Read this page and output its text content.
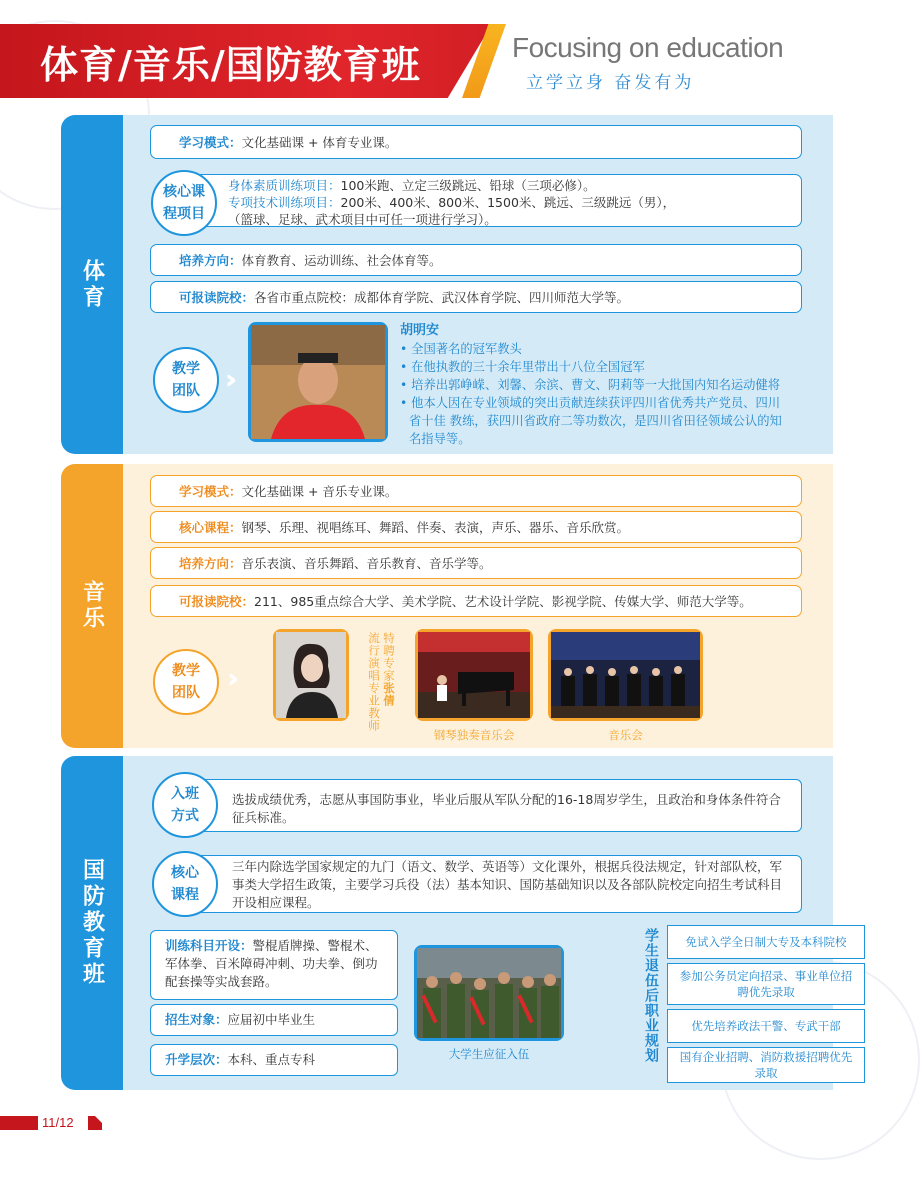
体育/音乐/国防教育班	Focusing on education
立学立身 奋发有为
体育
学习模式： 文化基础课 + 体育专业课。
身体素质训练项目：100米跑、立定三级跳远、铅球（三项必修）。
专项技术训练项目：200米、400米、800米、1500米、跳远、三级跳远（男），
（篮球、足球、武术项目中可任一项进行学习）。
核心课
程项目
培养方向： 体育教育、运动训练、社会体育等。
可报读院校： 各省市重点院校：成都体育学院、武汉体育学院、四川师范大学等。
教学
团队 ›››
胡明安
• 全国著名的冠军教头
• 在他执教的三十余年里带出十八位全国冠军
• 培养出郭峥嵘、刘馨、余滨、曹文、阴莉等一大批国内知名运动健将
• 他本人因在专业领域的突出贡献连续获评四川省优秀共产党员、四川
省十佳 教练，获四川省政府二等功数次，是四川省田径领域公认的知
名指导等。
音乐
学习模式： 文化基础课 + 音乐专业课。
核心课程： 钢琴、乐理、视唱练耳、舞蹈、伴奏、表演，声乐、器乐、音乐欣赏。
培养方向： 音乐表演、音乐舞蹈、音乐教育、音乐学等。
可报读院校： 211、985重点综合大学、美术学院、艺术设计学院、影视学院、传媒大学、师范大学等。
教学
团队 ›››	流行演唱专业教师 特聘专家张倩
钢琴独奏音乐会	音乐会
国防教育班
选拔成绩优秀，志愿从事国防事业，毕业后服从军队分配的16-18周岁学生，且政治和身体条件符合征兵标准。
入班
方式
三年内除选学国家规定的九门（语文、数学、英语等）文化课外，根据兵役法规定，针对部队校，军事类大学招生政策，主要学习兵役（法）基本知识、国防基础知识以及各部队院校定向招生考试科目开设相应课程。
核心
课程
训练科目开设：警棍盾牌操、警棍术、军体拳、百米障碍冲刺、功夫拳、倒功配套操等实战套路。
招生对象：应届初中毕业生
升学层次：本科、重点专科	大学生应征入伍	学生退伍后职业规划	免试入学全日制大专及本科院校
参加公务员定向招录、事业单位招聘优先录取
优先培养政法干警、专武干部
国有企业招聘、消防救援招聘优先录取
11/12
